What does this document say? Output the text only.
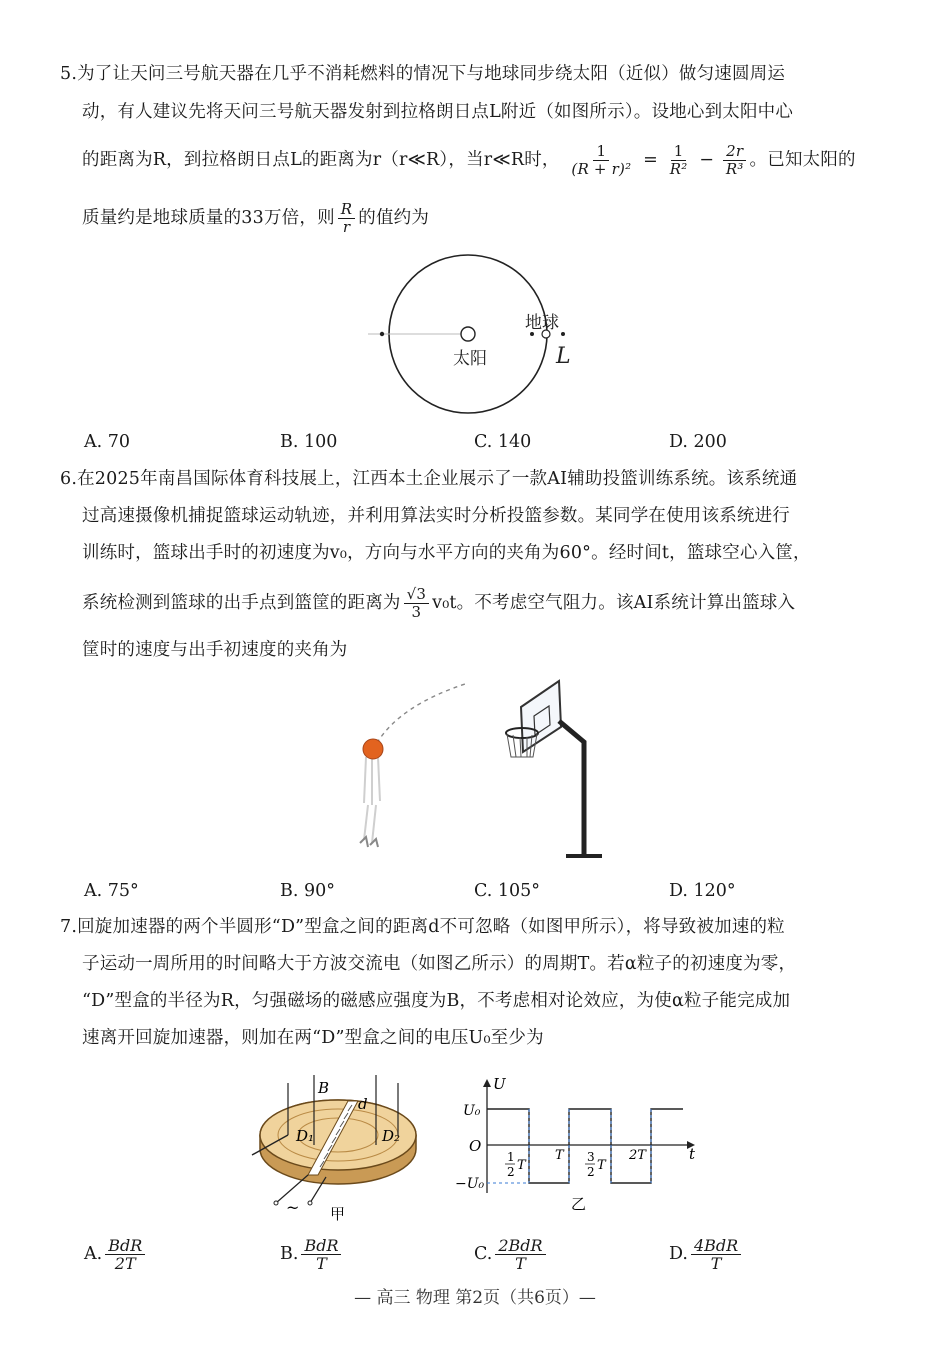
5.为了让天问三号航天器在几乎不消耗燃料的情况下与地球同步绕太阳（近似）做匀速圆周运
动，有人建议先将天问三号航天器发射到拉格朗日点L附近（如图所示）。设地心到太阳中心
的距离为R，到拉格朗日点L的距离为r（r≪R），当r≪R时， $\frac{1}{\text{(R + r)²}} = \frac{1}{\text{R²}} - \frac{2r}{\text{R³}}$ 。已知太阳的
质量约是地球质量的33万倍，则 $\frac{R}{r}$ 的值约为
太阳
地球
L
A. 70	B. 100	C. 140	D. 200
6.在2025年南昌国际体育科技展上，江西本土企业展示了一款AI辅助投篮训练系统。该系统通
过高速摄像机捕捉篮球运动轨迹，并利用算法实时分析投篮参数。某同学在使用该系统进行
训练时，篮球出手时的初速度为v₀，方向与水平方向的夹角为60°。经时间t，篮球空心入筐，
系统检测到篮球的出手点到篮筐的距离为 $\frac{√3}{3} v_0t$。不考虑空气阻力。该AI系统计算出篮球入
筐时的速度与出手初速度的夹角为
A. 75°	B. 90°	C. 105°	D. 120°
7.回旋加速器的两个半圆形“D”型盒之间的距离d不可忽略（如图甲所示），将导致被加速的粒
子运动一周所用的时间略大于方波交流电（如图乙所示）的周期T。若α粒子的初速度为零，
“D”型盒的半径为R，匀强磁场的磁感应强度为B，不考虑相对论效应，为使α粒子能完成加
速离开回旋加速器，则加在两“D”型盒之间的电压U₀至少为
B
d
D₁	D₂
~ 甲
U
t
O
U₀
−U₀
1
2 T
T 3
2 T
2T
乙
A. $\frac{\text{BdR}}{2T}$	B. $\frac{\text{BdR}}{T}$	C. $\frac{\text{2BdR}}{T}$	D. $\frac{\text{4BdR}}{T}$
— 高三 物理 第2页（共6页）—
